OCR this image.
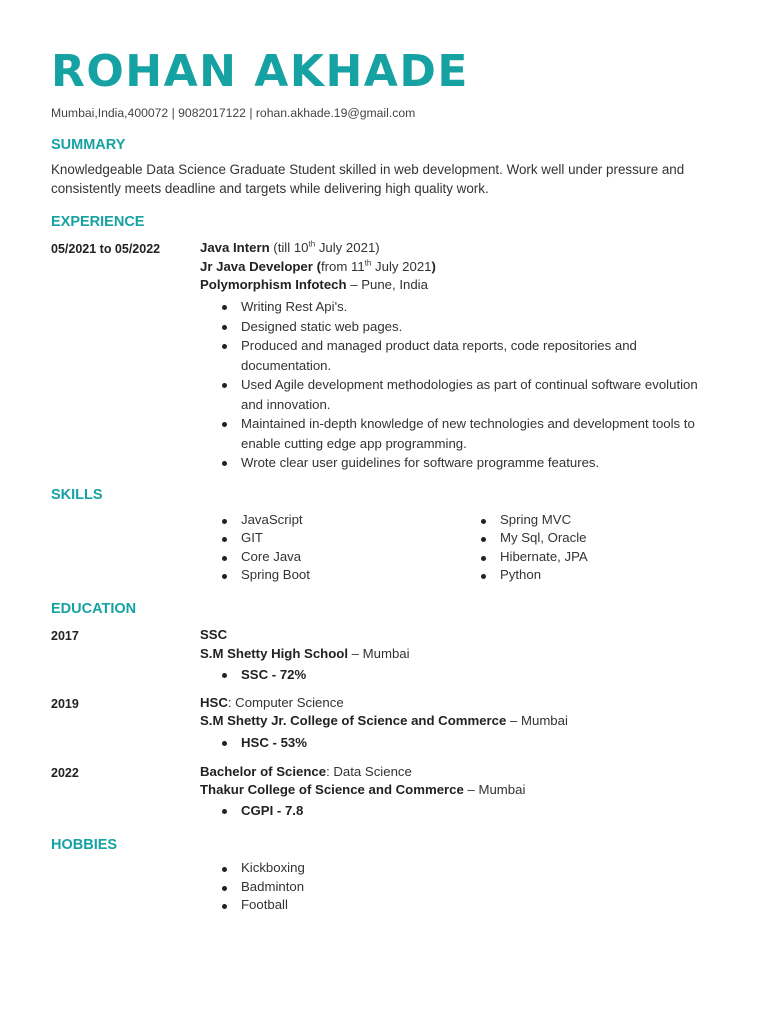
ROHAN AKHADE
Mumbai,India,400072 | 9082017122 | rohan.akhade.19@gmail.com
SUMMARY
Knowledgeable Data Science Graduate Student skilled in web development. Work well under pressure and consistently meets deadline and targets while delivering high quality work.
EXPERIENCE
05/2021 to 05/2022	Java Intern (till 10th July 2021)
Jr Java Developer (from 11th July 2021)
Polymorphism Infotech – Pune, India
Writing Rest Api's.
Designed static web pages.
Produced and managed product data reports, code repositories and documentation.
Used Agile development methodologies as part of continual software evolution and innovation.
Maintained in-depth knowledge of new technologies and development tools to enable cutting edge app programming.
Wrote clear user guidelines for software programme features.
SKILLS
JavaScript
GIT
Core Java
Spring Boot
Spring MVC
My Sql, Oracle
Hibernate, JPA
Python
EDUCATION
2017	SSC
S.M Shetty High School – Mumbai
SSC - 72%
2019	HSC: Computer Science
S.M Shetty Jr. College of Science and Commerce – Mumbai
HSC - 53%
2022	Bachelor of Science: Data Science
Thakur College of Science and Commerce – Mumbai
CGPI - 7.8
HOBBIES
Kickboxing
Badminton
Football
